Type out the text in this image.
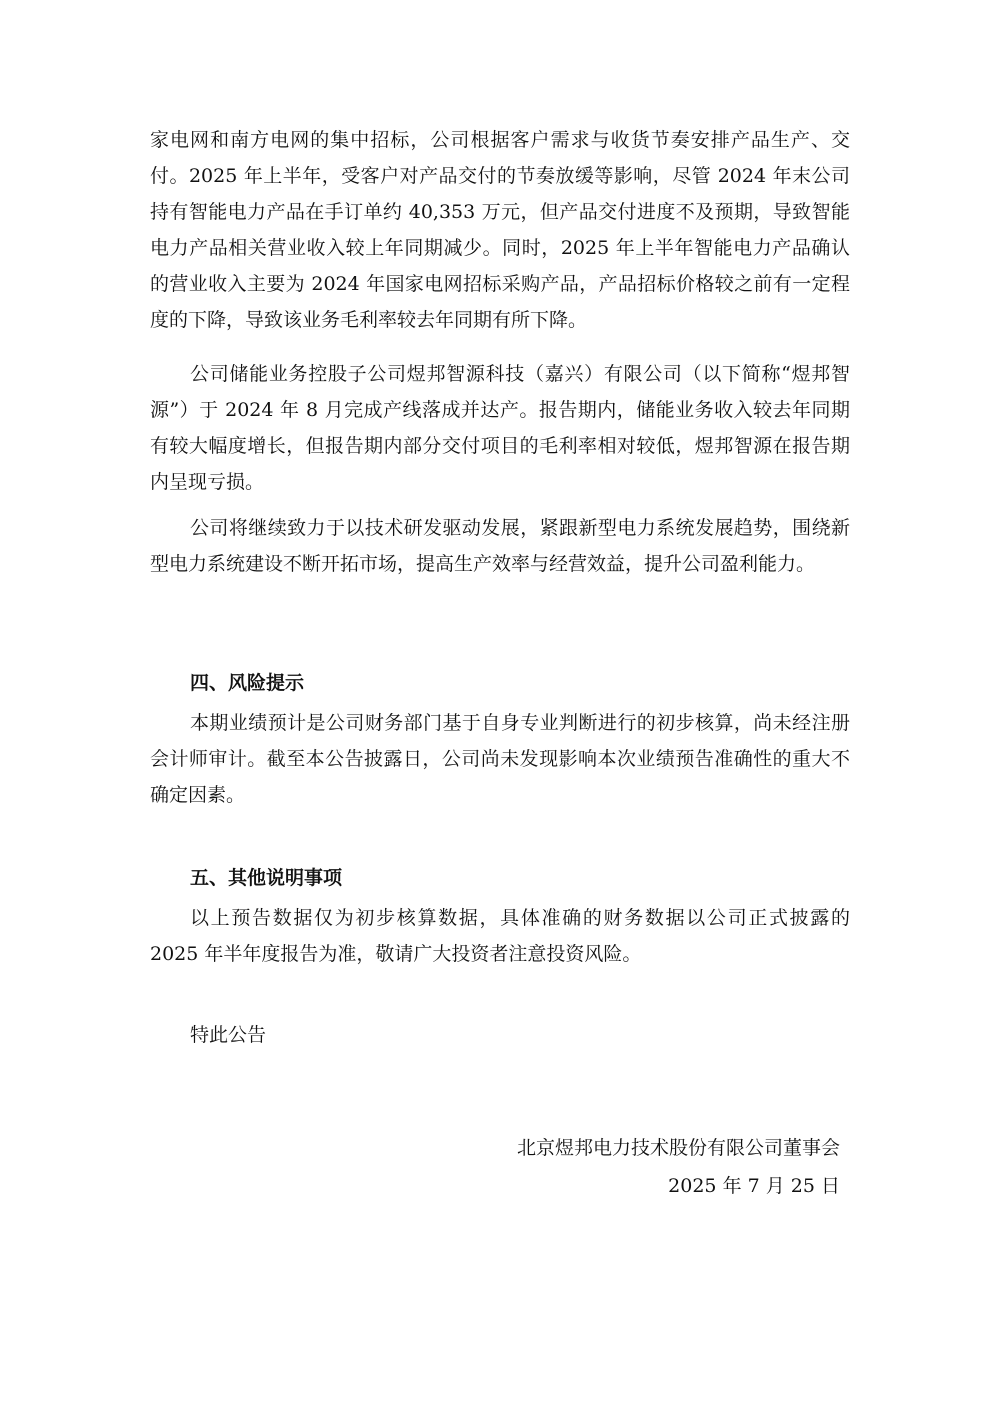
家电网和南方电网的集中招标，公司根据客户需求与收货节奏安排产品生产、交付。2025 年上半年，受客户对产品交付的节奏放缓等影响，尽管 2024 年末公司持有智能电力产品在手订单约 40,353 万元，但产品交付进度不及预期，导致智能电力产品相关营业收入较上年同期减少。同时，2025 年上半年智能电力产品确认的营业收入主要为 2024 年国家电网招标采购产品，产品招标价格较之前有一定程度的下降，导致该业务毛利率较去年同期有所下降。

公司储能业务控股子公司煜邦智源科技（嘉兴）有限公司（以下简称“煜邦智源”）于 2024 年 8 月完成产线落成并达产。报告期内，储能业务收入较去年同期有较大幅度增长，但报告期内部分交付项目的毛利率相对较低，煜邦智源在报告期内呈现亏损。

公司将继续致力于以技术研发驱动发展，紧跟新型电力系统发展趋势，围绕新型电力系统建设不断开拓市场，提高生产效率与经营效益，提升公司盈利能力。

四、风险提示

本期业绩预计是公司财务部门基于自身专业判断进行的初步核算，尚未经注册会计师审计。截至本公告披露日，公司尚未发现影响本次业绩预告准确性的重大不确定因素。

五、其他说明事项

以上预告数据仅为初步核算数据，具体准确的财务数据以公司正式披露的 2025 年半年度报告为准，敬请广大投资者注意投资风险。

特此公告

北京煜邦电力技术股份有限公司董事会

2025 年 7 月 25 日
